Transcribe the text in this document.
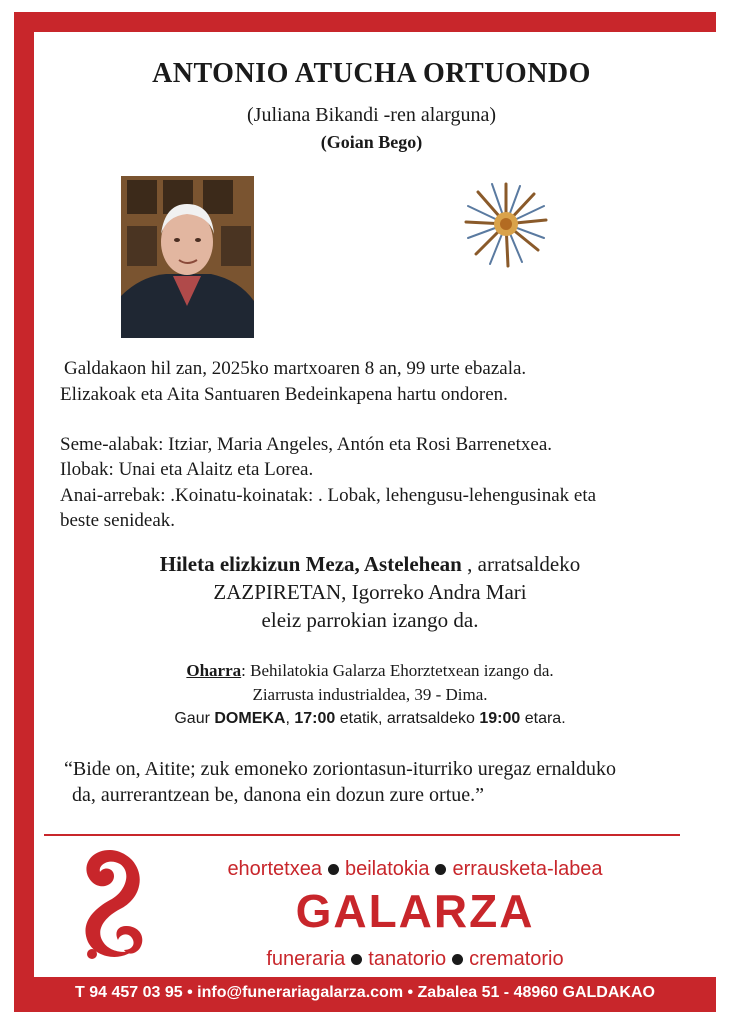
ANTONIO ATUCHA ORTUONDO
(Juliana Bikandi -ren alarguna)
(Goian Bego)
Galdakaon hil zan, 2025ko martxoaren 8 an, 99 urte ebazala.
Elizakoak eta Aita Santuaren Bedeinkapena hartu ondoren.
Seme-alabak: Itziar, Maria Angeles, Antón eta Rosi Barrenetxea.
Ilobak: Unai eta Alaitz eta Lorea.
Anai-arrebak: .Koinatu-koinatak: . Lobak, lehengusu-lehengusinak eta
beste senideak.
Hileta elizkizun Meza, Astelehean , arratsaldeko
ZAZPIRETAN, Igorreko Andra Mari
eleiz parrokian izango da.
Oharra: Behilatokia Galarza Ehorztetxean izango da.
Ziarrusta industrialdea, 39 - Dima.
Gaur DOMEKA, 17:00 etatik, arratsaldeko 19:00 etara.
“Bide on, Aitite; zuk emoneko zoriontasun-iturriko uregaz ernalduko
da, aurrerantzean be, danona ein dozun zure ortue.”
ehortetxea beilatokia errausketa-labea
GALARZA
funeraria tanatorio crematorio
T 94 457 03 95 • info@funerariagalarza.com • Zabalea 51 - 48960 GALDAKAO
